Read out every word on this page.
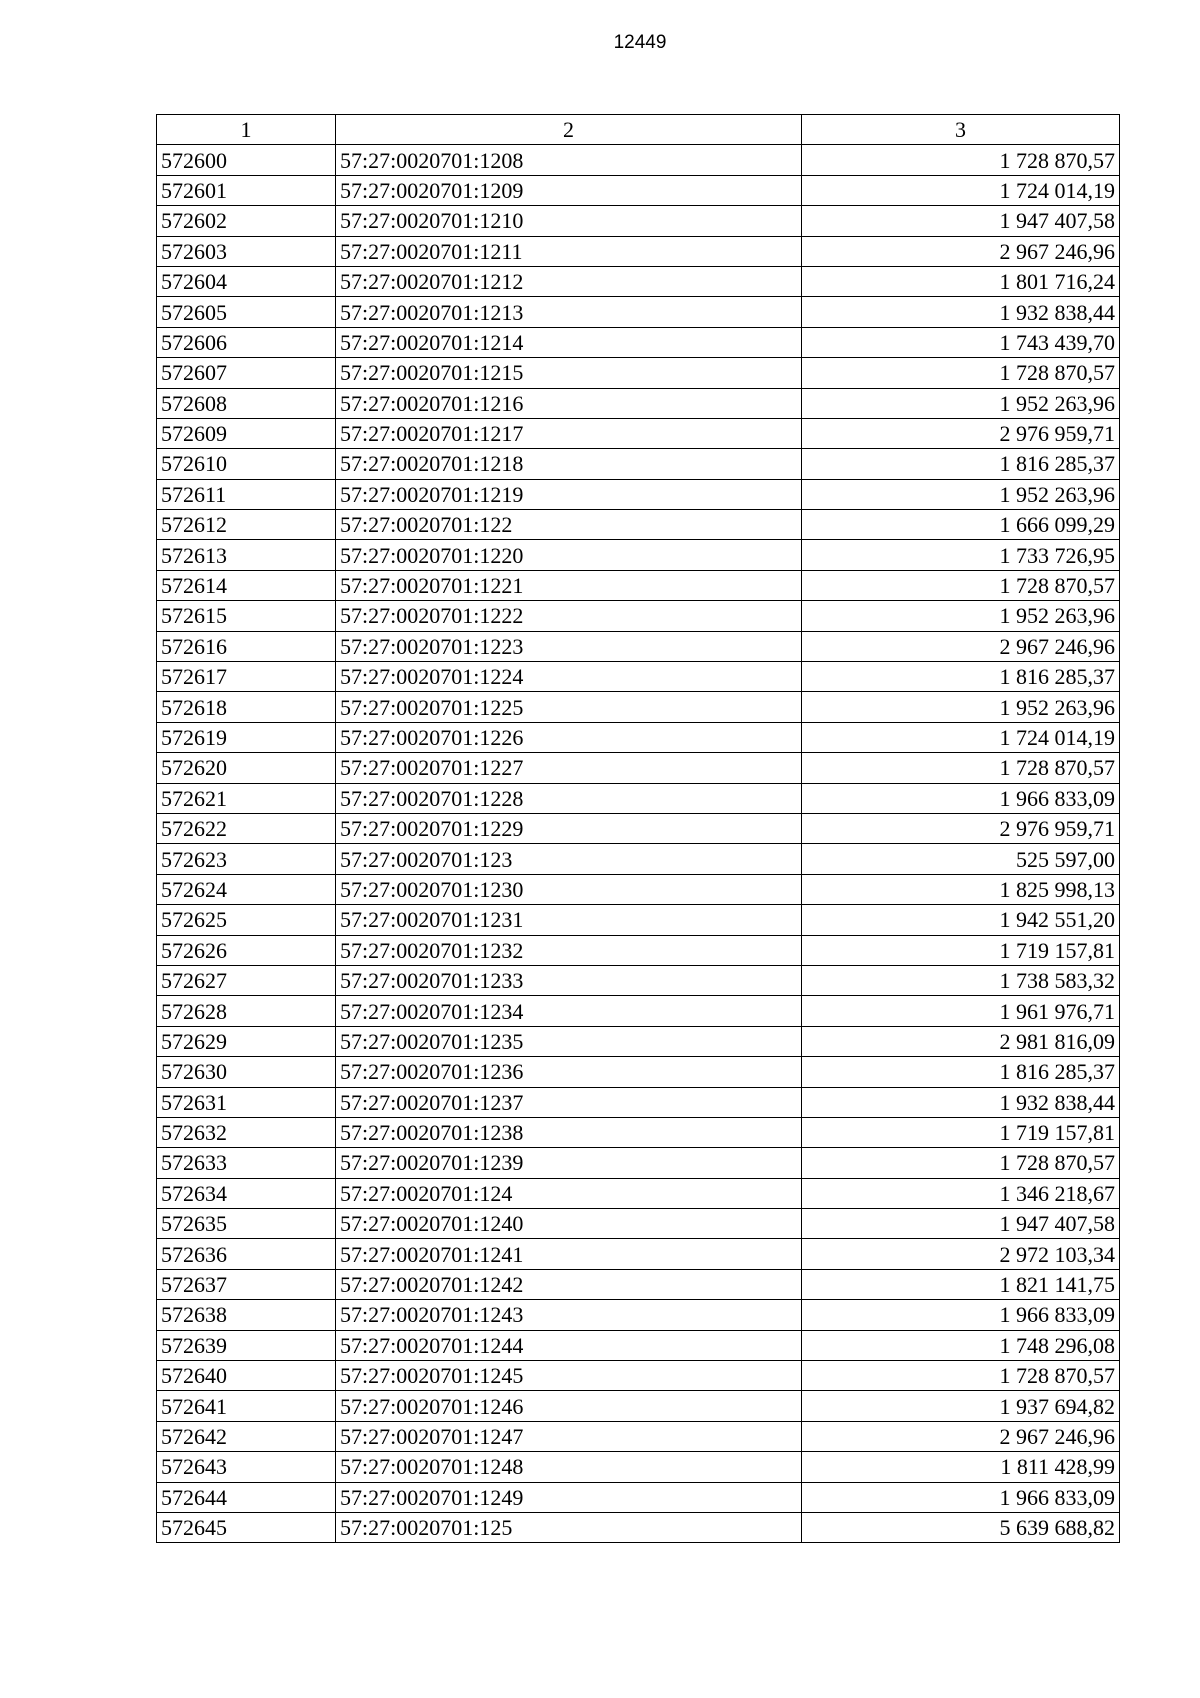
12449
1	2	3
572600	57:27:0020701:1208	1 728 870,57
572601	57:27:0020701:1209	1 724 014,19
572602	57:27:0020701:1210	1 947 407,58
572603	57:27:0020701:1211	2 967 246,96
572604	57:27:0020701:1212	1 801 716,24
572605	57:27:0020701:1213	1 932 838,44
572606	57:27:0020701:1214	1 743 439,70
572607	57:27:0020701:1215	1 728 870,57
572608	57:27:0020701:1216	1 952 263,96
572609	57:27:0020701:1217	2 976 959,71
572610	57:27:0020701:1218	1 816 285,37
572611	57:27:0020701:1219	1 952 263,96
572612	57:27:0020701:122	1 666 099,29
572613	57:27:0020701:1220	1 733 726,95
572614	57:27:0020701:1221	1 728 870,57
572615	57:27:0020701:1222	1 952 263,96
572616	57:27:0020701:1223	2 967 246,96
572617	57:27:0020701:1224	1 816 285,37
572618	57:27:0020701:1225	1 952 263,96
572619	57:27:0020701:1226	1 724 014,19
572620	57:27:0020701:1227	1 728 870,57
572621	57:27:0020701:1228	1 966 833,09
572622	57:27:0020701:1229	2 976 959,71
572623	57:27:0020701:123	525 597,00
572624	57:27:0020701:1230	1 825 998,13
572625	57:27:0020701:1231	1 942 551,20
572626	57:27:0020701:1232	1 719 157,81
572627	57:27:0020701:1233	1 738 583,32
572628	57:27:0020701:1234	1 961 976,71
572629	57:27:0020701:1235	2 981 816,09
572630	57:27:0020701:1236	1 816 285,37
572631	57:27:0020701:1237	1 932 838,44
572632	57:27:0020701:1238	1 719 157,81
572633	57:27:0020701:1239	1 728 870,57
572634	57:27:0020701:124	1 346 218,67
572635	57:27:0020701:1240	1 947 407,58
572636	57:27:0020701:1241	2 972 103,34
572637	57:27:0020701:1242	1 821 141,75
572638	57:27:0020701:1243	1 966 833,09
572639	57:27:0020701:1244	1 748 296,08
572640	57:27:0020701:1245	1 728 870,57
572641	57:27:0020701:1246	1 937 694,82
572642	57:27:0020701:1247	2 967 246,96
572643	57:27:0020701:1248	1 811 428,99
572644	57:27:0020701:1249	1 966 833,09
572645	57:27:0020701:125	5 639 688,82
